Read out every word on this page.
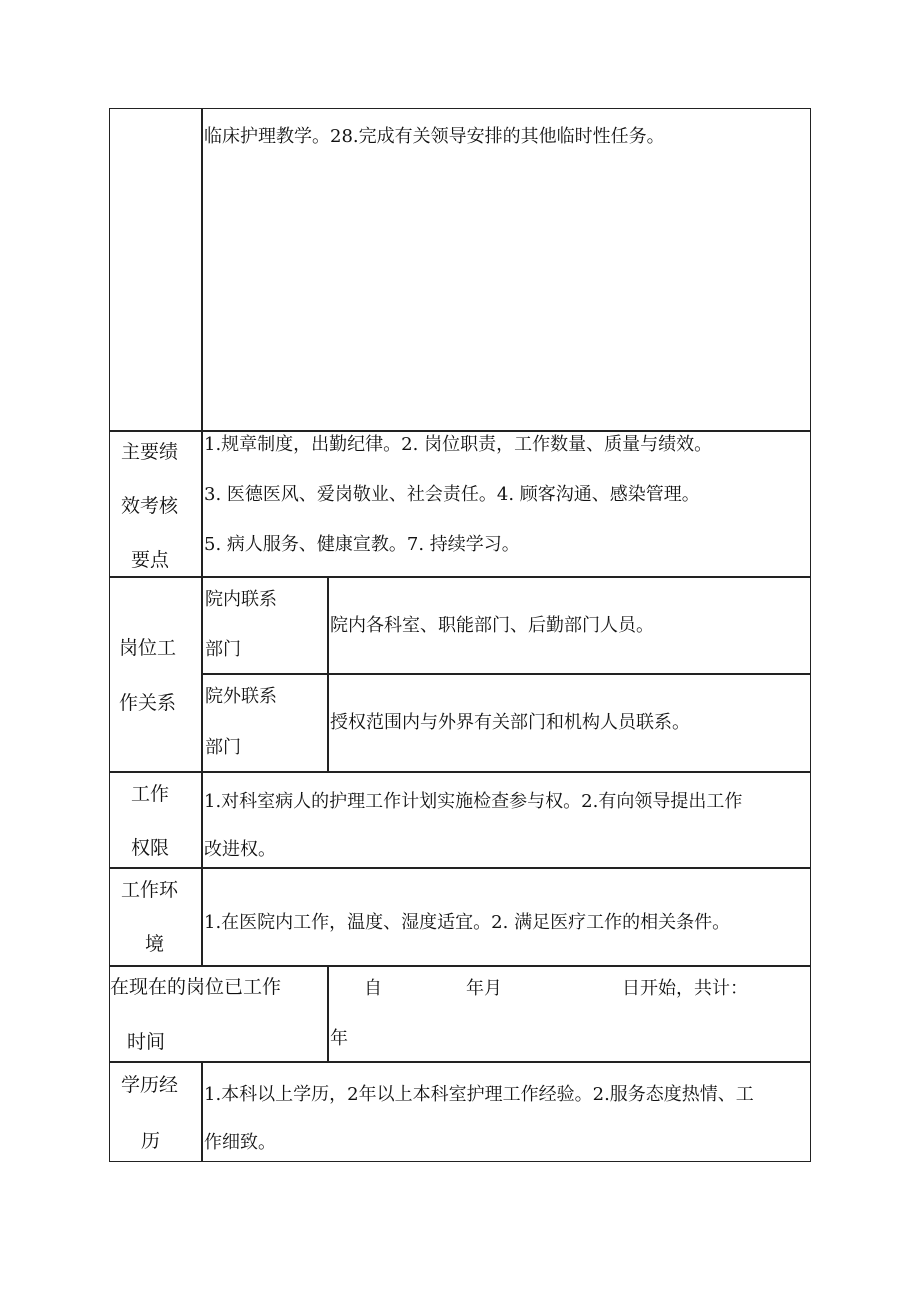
临床护理教学。28.完成有关领导安排的其他临时性任务。
主要绩
效考核
要点
1.规章制度，出勤纪律。2. 岗位职责，工作数量、质量与绩效。
3. 医德医风、爱岗敬业、社会责任。4. 顾客沟通、感染管理。
5. 病人服务、健康宣教。7. 持续学习。
岗位工
作关系
院内联系
部门
院内各科室、职能部门、后勤部门人员。
院外联系
部门
授权范围内与外界有关部门和机构人员联系。
工作
权限
1.对科室病人的护理工作计划实施检查参与权。2.有向领导提出工作
改进权。
工作环
境
1.在医院内工作，温度、湿度适宜。2. 满足医疗工作的相关条件。
在现在的岗位已工作
时间
自	年月	日开始，共计：
年
学历经
历
1.本科以上学历，2年以上本科室护理工作经验。2.服务态度热情、工
作细致。
